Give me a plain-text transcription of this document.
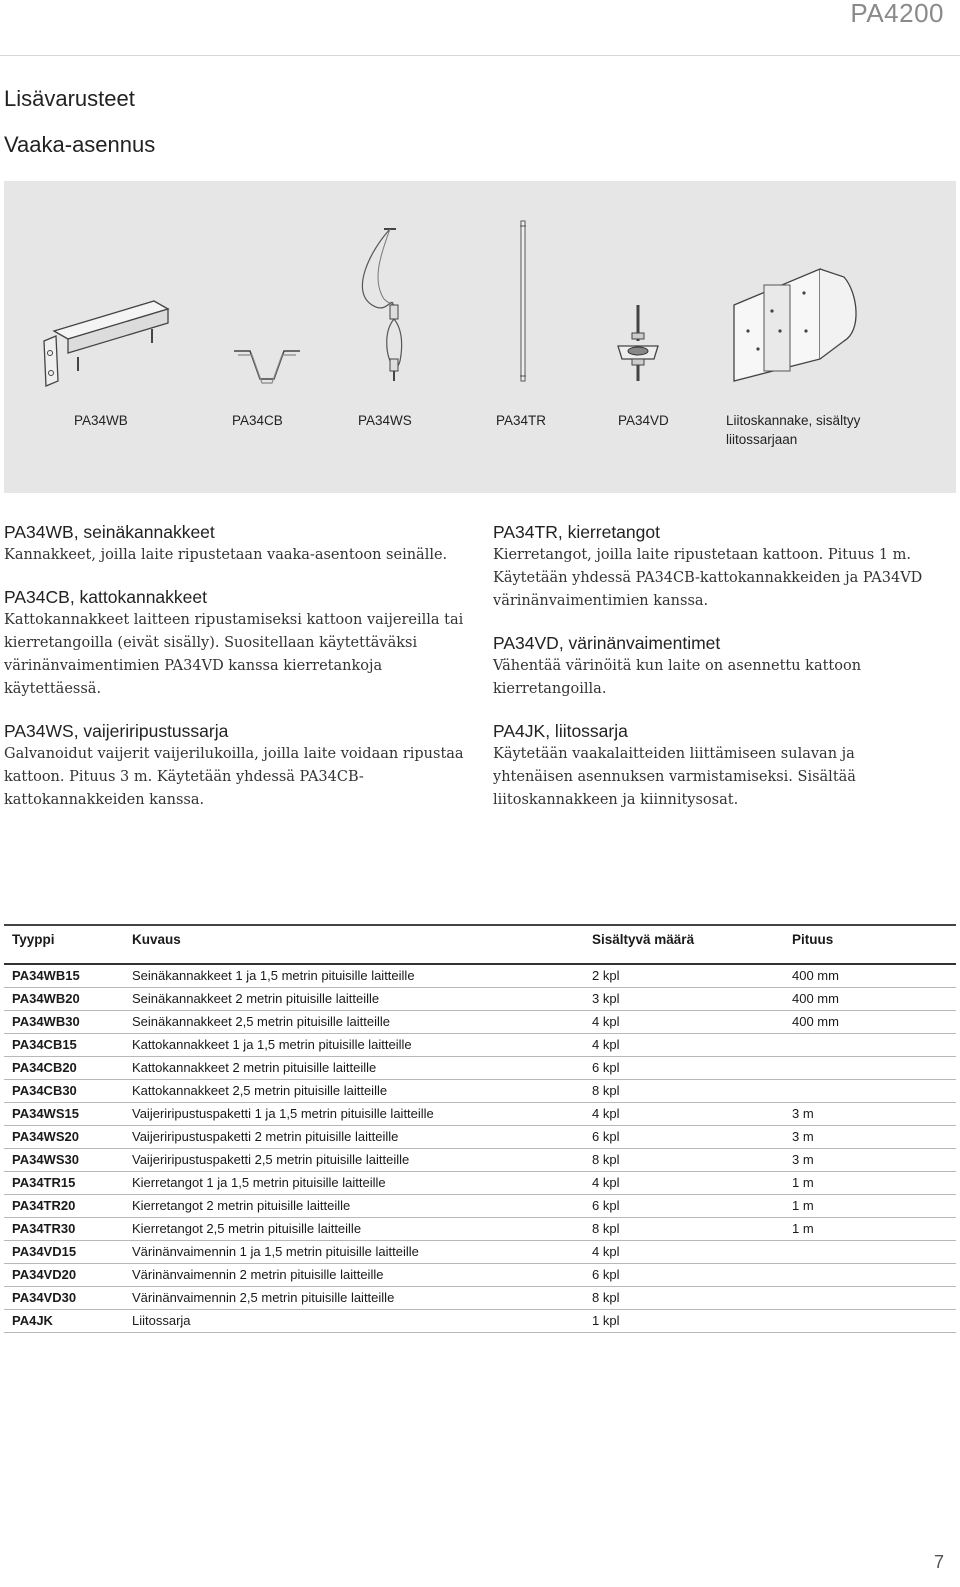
PA4200
Lisävarusteet
Vaaka-asennus
PA34WB	PA34CB	PA34WS	PA34TR	PA34VD	Liitoskannake, sisältyy liitossarjaan
PA34WB, seinäkannakkeet

Kannakkeet, joilla laite ripustetaan vaaka-asentoon seinälle.

PA34CB, kattokannakkeet

Kattokannakkeet laitteen ripustamiseksi kattoon vaijereilla tai kierretangoilla (eivät sisälly). Suositellaan käytettäväksi värinänvaimentimien PA34VD kanssa kierretankoja käytettäessä.

PA34WS, vaijeriripustussarja

Galvanoidut vaijerit vaijerilukoilla, joilla laite voidaan ripustaa kattoon. Pituus 3 m. Käytetään yhdessä PA34CB-kattokannakkeiden kanssa.

PA34TR, kierretangot

Kierretangot, joilla laite ripustetaan kattoon. Pituus 1 m. Käytetään yhdessä PA34CB-kattokannakkeiden ja PA34VD värinänvaimentimien kanssa.

PA34VD, värinänvaimentimet

Vähentää värinöitä kun laite on asennettu kattoon kierretangoilla.

PA4JK, liitossarja

Käytetään vaakalaitteiden liittämiseen sulavan ja yhtenäisen asennuksen varmistamiseksi. Sisältää liitoskannakkeen ja kiinnitysosat.

Tyyppi	Kuvaus	Sisältyvä määrä	Pituus

PA34WB15	Seinäkannakkeet 1 ja 1,5 metrin pituisille laitteille	2 kpl	400 mm
PA34WB20	Seinäkannakkeet 2 metrin pituisille laitteille	3 kpl	400 mm
PA34WB30	Seinäkannakkeet 2,5 metrin pituisille laitteille	4 kpl	400 mm
PA34CB15	Kattokannakkeet 1 ja 1,5 metrin pituisille laitteille	4 kpl	
PA34CB20	Kattokannakkeet 2 metrin pituisille laitteille	6 kpl	
PA34CB30	Kattokannakkeet 2,5 metrin pituisille laitteille	8 kpl	
PA34WS15	Vaijeriripustuspaketti 1 ja 1,5 metrin pituisille laitteille	4 kpl	3 m
PA34WS20	Vaijeriripustuspaketti 2 metrin pituisille laitteille	6 kpl	3 m
PA34WS30	Vaijeriripustuspaketti 2,5 metrin pituisille laitteille	8 kpl	3 m
PA34TR15	Kierretangot 1 ja 1,5 metrin pituisille laitteille	4 kpl	1 m
PA34TR20	Kierretangot 2 metrin pituisille laitteille	6 kpl	1 m
PA34TR30	Kierretangot 2,5 metrin pituisille laitteille	8 kpl	1 m
PA34VD15	Värinänvaimennin 1 ja 1,5 metrin pituisille laitteille	4 kpl	
PA34VD20	Värinänvaimennin 2 metrin pituisille laitteille	6 kpl	
PA34VD30	Värinänvaimennin 2,5 metrin pituisille laitteille	8 kpl	
PA4JK	Liitossarja	1 kpl	
7
